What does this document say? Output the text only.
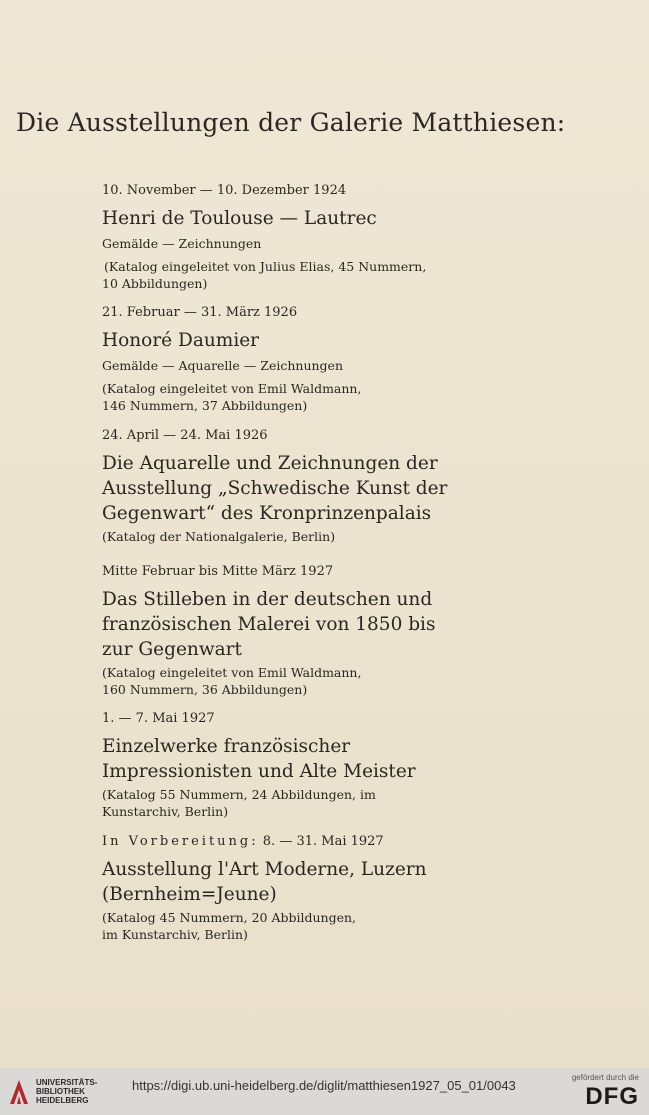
Die Ausstellungen der Galerie Matthiesen:
10. November — 10. Dezember 1924
Henri de Toulouse — Lautrec
Gemälde — Zeichnungen
(Katalog eingeleitet von Julius Elias, 45 Nummern,
10 Abbildungen)
21. Februar — 31. März 1926
Honoré Daumier
Gemälde — Aquarelle — Zeichnungen
(Katalog eingeleitet von Emil Waldmann,
146 Nummern, 37 Abbildungen)
24. April — 24. Mai 1926
Die Aquarelle und Zeichnungen der
Ausstellung „Schwedische Kunst der
Gegenwart“ des Kronprinzenpalais
(Katalog der Nationalgalerie, Berlin)
Mitte Februar bis Mitte März 1927
Das Stilleben in der deutschen und
französischen Malerei von 1850 bis
zur Gegenwart
(Katalog eingeleitet von Emil Waldmann,
160 Nummern, 36 Abbildungen)
1. — 7. Mai 1927
Einzelwerke französischer
Impressionisten und Alte Meister
(Katalog 55 Nummern, 24 Abbildungen, im
Kunstarchiv, Berlin)
In Vorbereitung: 8. — 31. Mai 1927
Ausstellung l'Art Moderne, Luzern
(Bernheim=Jeune)
(Katalog 45 Nummern, 20 Abbildungen,
im Kunstarchiv, Berlin)
UNIVERSITÄTS-
BIBLIOTHEK
HEIDELBERG
https://digi.ub.uni-heidelberg.de/diglit/matthiesen1927_05_01/0043
gefördert durch die
DFG
